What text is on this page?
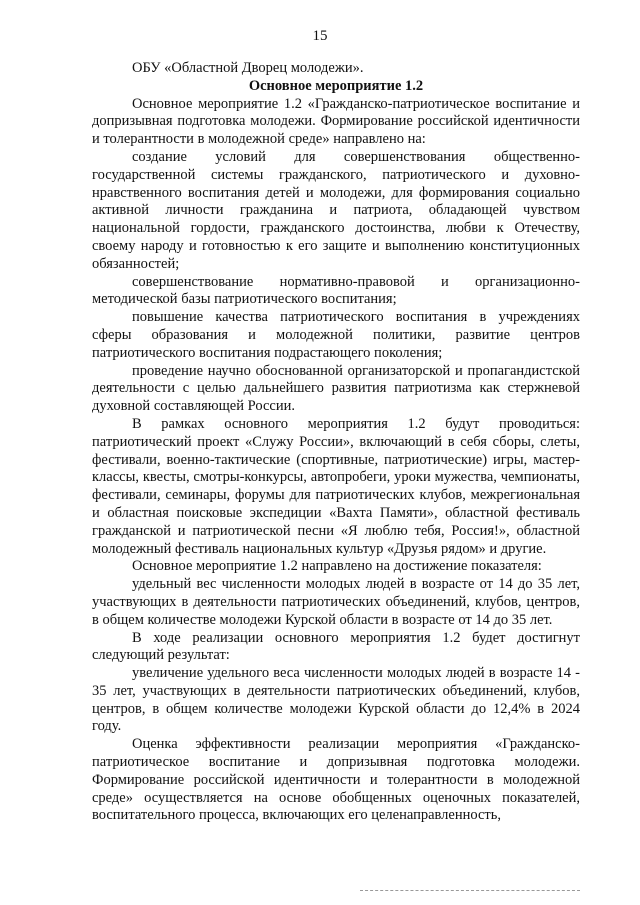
15

ОБУ «Областной Дворец молодежи».

Основное мероприятие 1.2

Основное мероприятие 1.2 «Гражданско-патриотическое воспитание и допризывная подготовка молодежи. Формирование российской идентичности и толерантности в молодежной среде» направлено на:

создание условий для совершенствования общественно-государственной системы гражданского, патриотического и духовно-нравственного воспитания детей и молодежи, для формирования социально активной личности гражданина и патриота, обладающей чувством национальной гордости, гражданского достоинства, любви к Отечеству, своему народу и готовностью к его защите и выполнению конституционных обязанностей;

совершенствование нормативно-правовой и организационно-методической базы патриотического воспитания;

повышение качества патриотического воспитания в учреждениях сферы образования и молодежной политики, развитие центров патриотического воспитания подрастающего поколения;

проведение научно обоснованной организаторской и пропагандистской деятельности с целью дальнейшего развития патриотизма как стержневой духовной составляющей России.

В рамках основного мероприятия 1.2 будут проводиться: патриотический проект «Служу России», включающий в себя сборы, слеты, фестивали, военно-тактические (спортивные, патриотические) игры, мастер-классы, квесты, смотры-конкурсы, автопробеги, уроки мужества, чемпионаты, фестивали, семинары, форумы для патриотических клубов, межрегиональная и областная поисковые экспедиции «Вахта Памяти», областной фестиваль гражданской и патриотической песни «Я люблю тебя, Россия!», областной молодежный фестиваль национальных культур «Друзья рядом» и другие.

Основное мероприятие 1.2 направлено на достижение показателя:

удельный вес численности молодых людей в возрасте от 14 до 35 лет, участвующих в деятельности патриотических объединений, клубов, центров, в общем количестве молодежи Курской области в возрасте от 14 до 35 лет.

В ходе реализации основного мероприятия 1.2 будет достигнут следующий результат:

увеличение удельного веса численности молодых людей в возрасте 14 - 35 лет, участвующих в деятельности патриотических объединений, клубов, центров, в общем количестве молодежи Курской области до 12,4% в 2024 году.

Оценка эффективности реализации мероприятия «Гражданско-патриотическое воспитание и допризывная подготовка молодежи. Формирование российской идентичности и толерантности в молодежной среде» осуществляется на основе обобщенных оценочных показателей, воспитательного процесса, включающих его целенаправленность,
